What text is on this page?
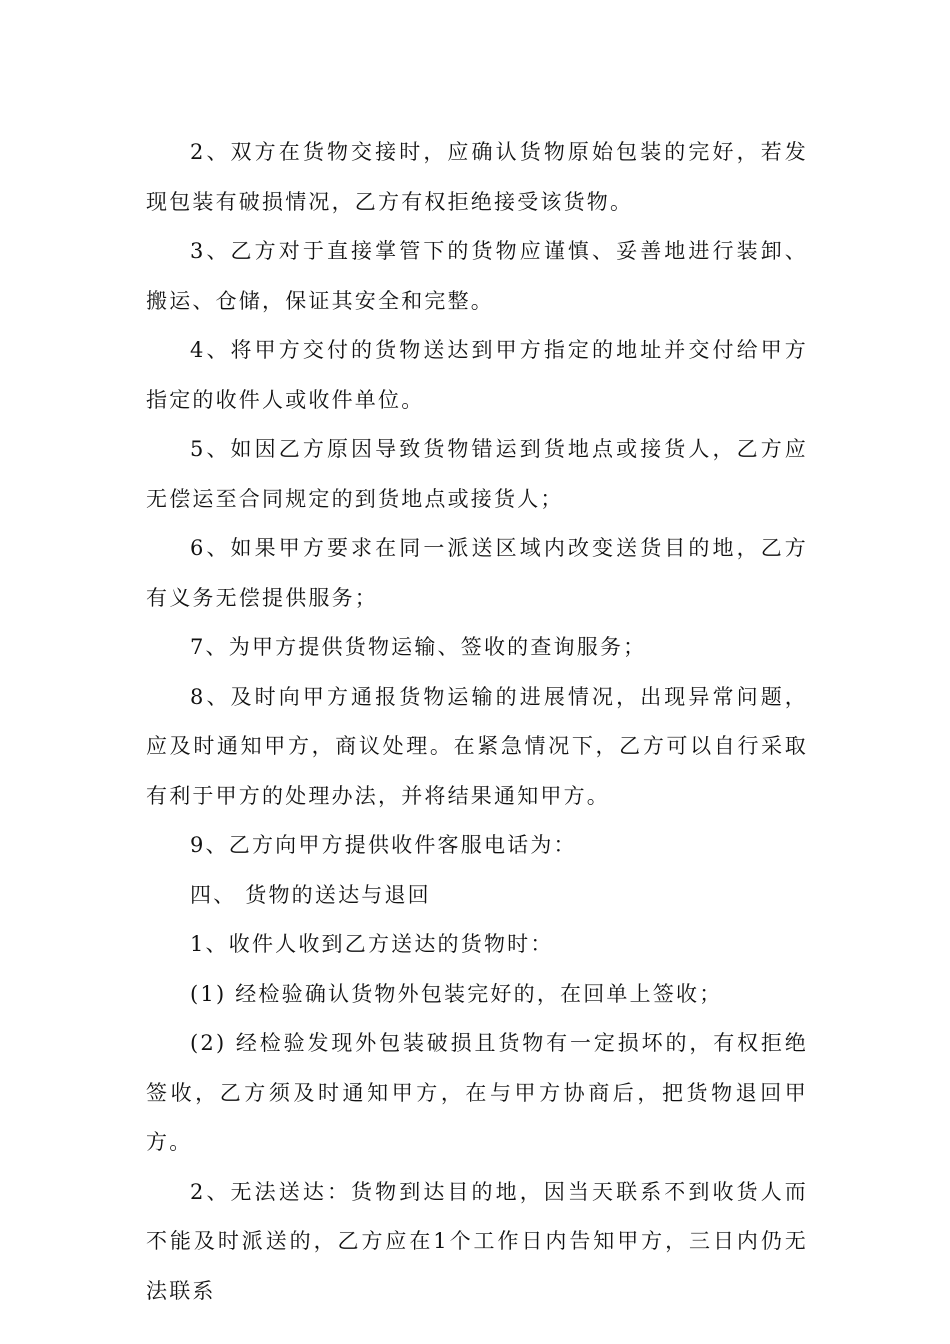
2、双方在货物交接时，应确认货物原始包装的完好，若发现包装有破损情况，乙方有权拒绝接受该货物。

3、乙方对于直接掌管下的货物应谨慎、妥善地进行装卸、搬运、仓储，保证其安全和完整。

4、将甲方交付的货物送达到甲方指定的地址并交付给甲方指定的收件人或收件单位。

5、如因乙方原因导致货物错运到货地点或接货人，乙方应无偿运至合同规定的到货地点或接货人；

6、如果甲方要求在同一派送区域内改变送货目的地，乙方有义务无偿提供服务；

7、为甲方提供货物运输、签收的查询服务；

8、及时向甲方通报货物运输的进展情况，出现异常问题，应及时通知甲方，商议处理。在紧急情况下，乙方可以自行采取有利于甲方的处理办法，并将结果通知甲方。

9、乙方向甲方提供收件客服电话为：

四、 货物的送达与退回

1、收件人收到乙方送达的货物时：

(1) 经检验确认货物外包装完好的，在回单上签收；

(2) 经检验发现外包装破损且货物有一定损坏的，有权拒绝签收，乙方须及时通知甲方，在与甲方协商后，把货物退回甲方。

2、无法送达：货物到达目的地，因当天联系不到收货人而不能及时派送的，乙方应在1个工作日内告知甲方，三日内仍无法联系
